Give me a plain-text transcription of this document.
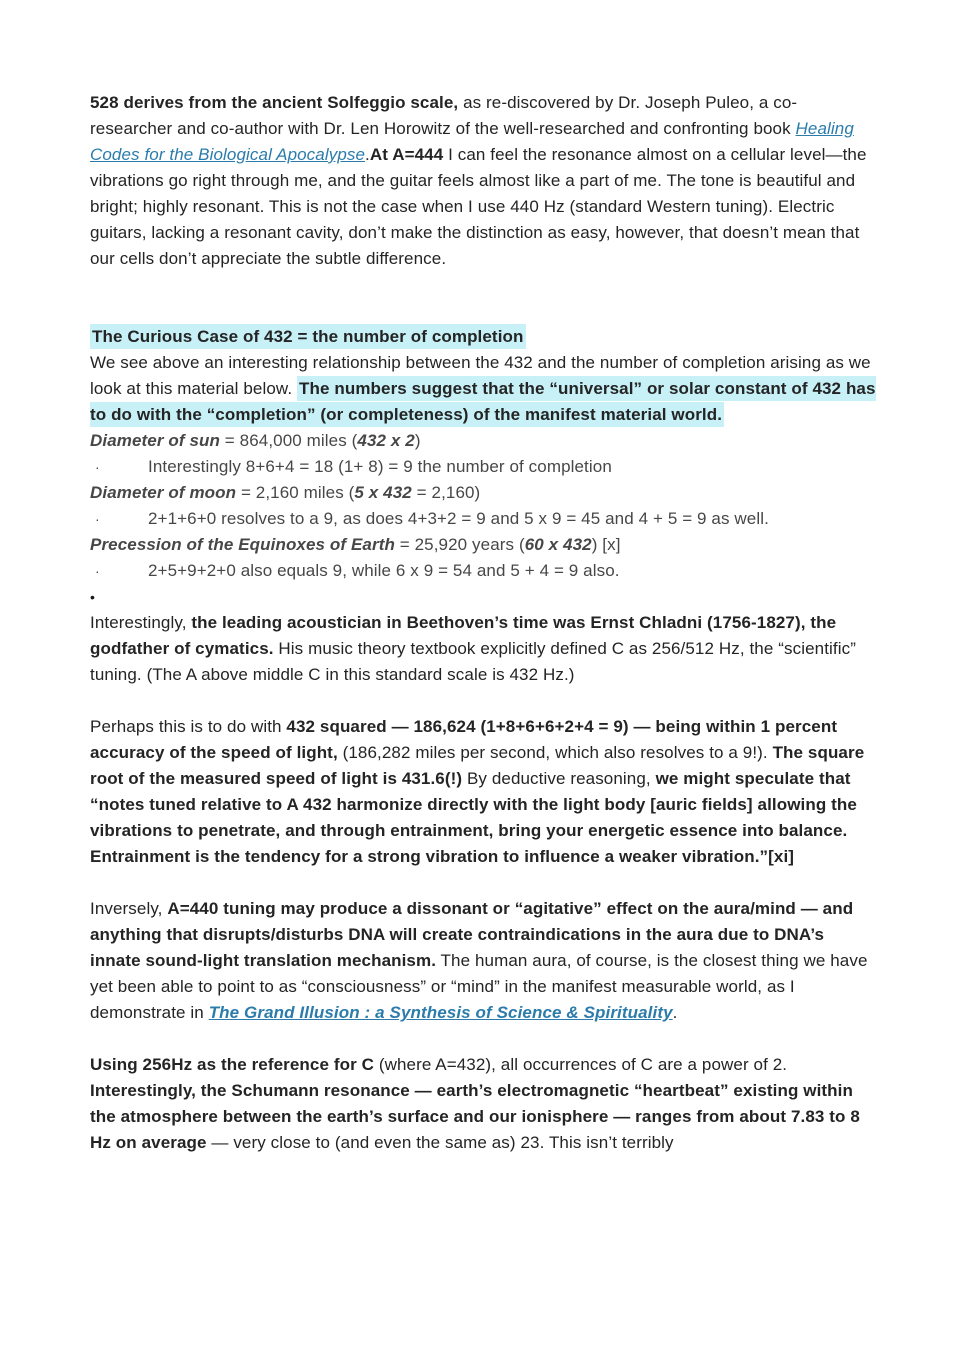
528 derives from the ancient Solfeggio scale, as re-discovered by Dr. Joseph Puleo, a co-researcher and co-author with Dr. Len Horowitz of the well-researched and confronting book Healing Codes for the Biological Apocalypse.At A=444 I can feel the resonance almost on a cellular level—the vibrations go right through me, and the guitar feels almost like a part of me. The tone is beautiful and bright; highly resonant. This is not the case when I use 440 Hz (standard Western tuning). Electric guitars, lacking a resonant cavity, don’t make the distinction as easy, however, that doesn’t mean that our cells don’t appreciate the subtle difference.
The Curious Case of 432 = the number of completion
We see above an interesting relationship between the 432 and the number of completion arising as we look at this material below. The numbers suggest that the “universal” or solar constant of 432 has to do with the “completion” (or completeness) of the manifest material world.
Diameter of sun = 864,000 miles (432 x 2)
·	Interestingly 8+6+4 = 18 (1+ 8) = 9 the number of completion
Diameter of moon = 2,160 miles (5 x 432 = 2,160)
·	2+1+6+0 resolves to a 9, as does 4+3+2 = 9 and 5 x 9 = 45 and 4 + 5 = 9 as well.
Precession of the Equinoxes of Earth = 25,920 years (60 x 432) [x]
·	2+5+9+2+0 also equals 9, while 6 x 9 = 54 and 5 + 4 = 9 also.
•
Interestingly, the leading acoustician in Beethoven’s time was Ernst Chladni (1756-1827), the godfather of cymatics. His music theory textbook explicitly defined C as 256/512 Hz, the “scientific” tuning. (The A above middle C in this standard scale is 432 Hz.)
Perhaps this is to do with 432 squared — 186,624 (1+8+6+6+2+4 = 9) — being within 1 percent accuracy of the speed of light, (186,282 miles per second, which also resolves to a 9!). The square root of the measured speed of light is 431.6(!) By deductive reasoning, we might speculate that “notes tuned relative to A 432 harmonize directly with the light body [auric fields] allowing the vibrations to penetrate, and through entrainment, bring your energetic essence into balance. Entrainment is the tendency for a strong vibration to influence a weaker vibration.”[xi]
Inversely, A=440 tuning may produce a dissonant or “agitative” effect on the aura/mind — and anything that disrupts/disturbs DNA will create contraindications in the aura due to DNA’s innate sound-light translation mechanism. The human aura, of course, is the closest thing we have yet been able to point to as “consciousness” or “mind” in the manifest measurable world, as I demonstrate in The Grand Illusion : a Synthesis of Science & Spirituality.
Using 256Hz as the reference for C (where A=432), all occurrences of C are a power of 2. Interestingly, the Schumann resonance — earth’s electromagnetic “heartbeat” existing within the atmosphere between the earth’s surface and our ionisphere — ranges from about 7.83 to 8 Hz on average — very close to (and even the same as) 23. This isn’t terribly
